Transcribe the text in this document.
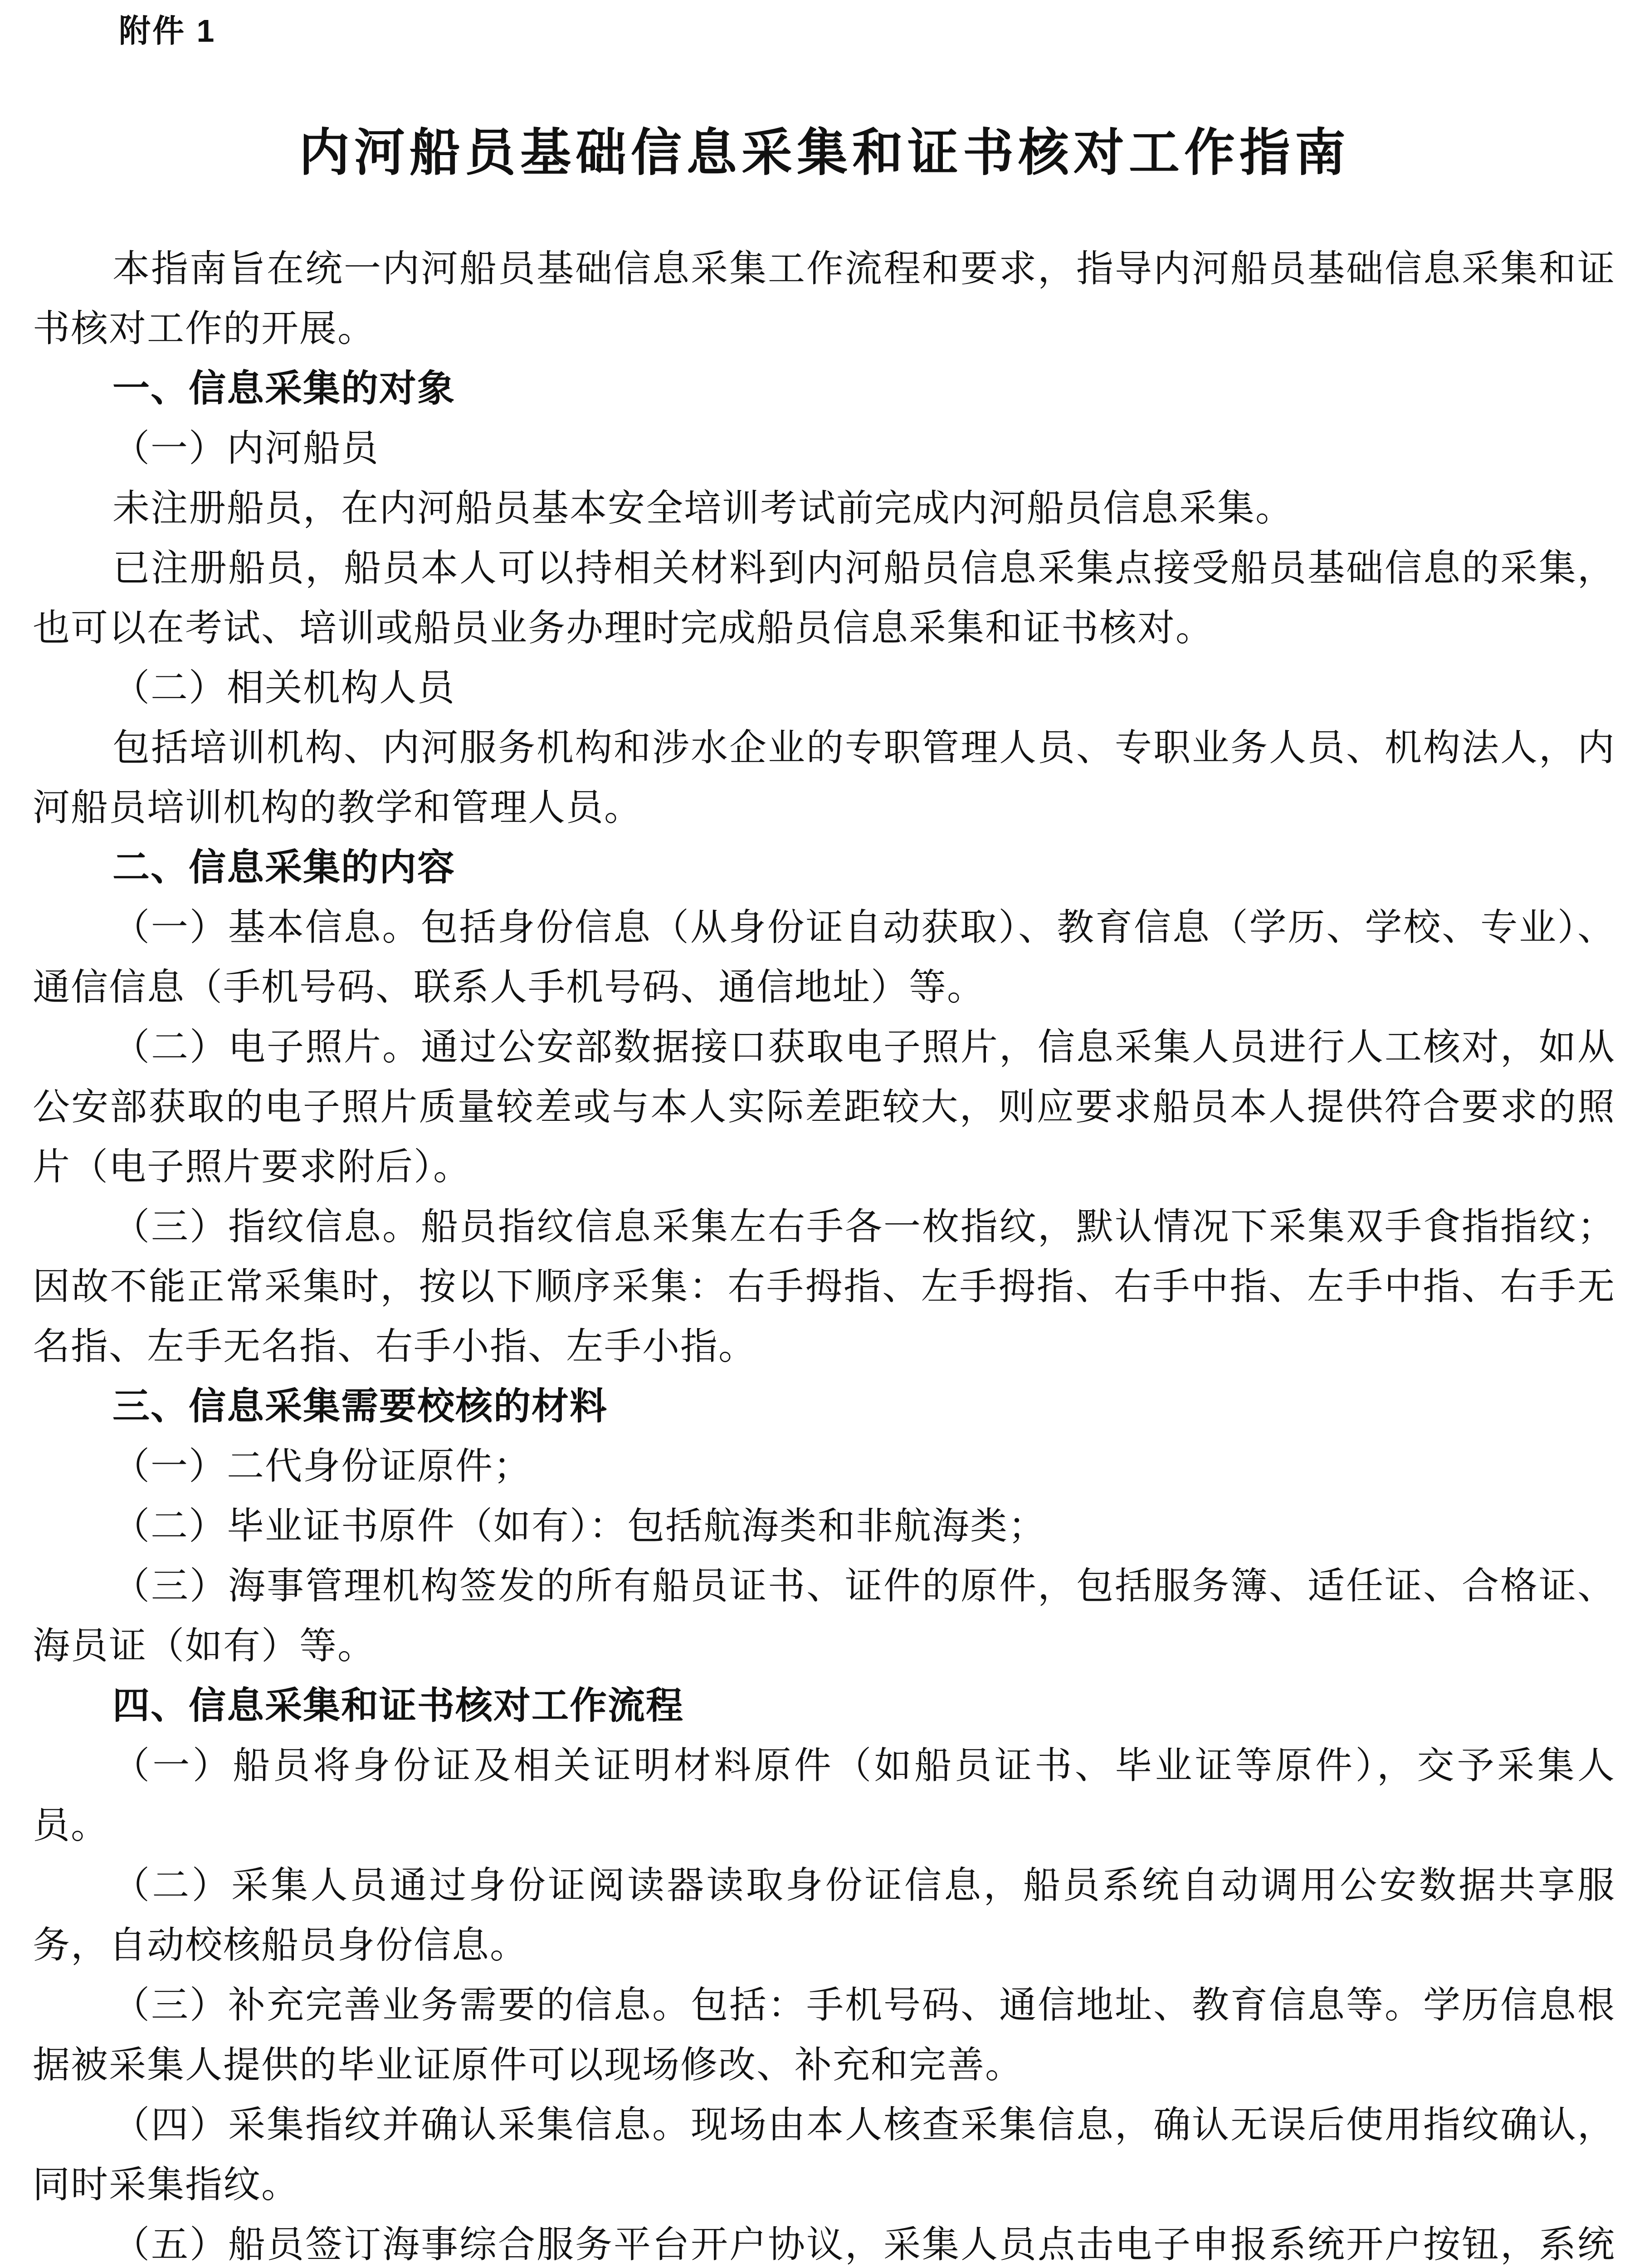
附件 1
内河船员基础信息采集和证书核对工作指南

本指南旨在统一内河船员基础信息采集工作流程和要求，指导内河船员基础信息采集和证书核对工作的开展。

一、信息采集的对象

（一）内河船员

未注册船员，在内河船员基本安全培训考试前完成内河船员信息采集。

已注册船员，船员本人可以持相关材料到内河船员信息采集点接受船员基础信息的采集，也可以在考试、培训或船员业务办理时完成船员信息采集和证书核对。

（二）相关机构人员

包括培训机构、内河服务机构和涉水企业的专职管理人员、专职业务人员、机构法人，内河船员培训机构的教学和管理人员。

二、信息采集的内容

（一）基本信息。包括身份信息（从身份证自动获取）、教育信息（学历、学校、专业）、通信信息（手机号码、联系人手机号码、通信地址）等。

（二）电子照片。通过公安部数据接口获取电子照片，信息采集人员进行人工核对，如从公安部获取的电子照片质量较差或与本人实际差距较大，则应要求船员本人提供符合要求的照片（电子照片要求附后）。

（三）指纹信息。船员指纹信息采集左右手各一枚指纹，默认情况下采集双手食指指纹；因故不能正常采集时，按以下顺序采集：右手拇指、左手拇指、右手中指、左手中指、右手无名指、左手无名指、右手小指、左手小指。

三、信息采集需要校核的材料

（一）二代身份证原件；

（二）毕业证书原件（如有）：包括航海类和非航海类；

（三）海事管理机构签发的所有船员证书、证件的原件，包括服务簿、适任证、合格证、海员证（如有）等。

四、信息采集和证书核对工作流程

（一）船员将身份证及相关证明材料原件（如船员证书、毕业证等原件），交予采集人员。

（二）采集人员通过身份证阅读器读取身份证信息，船员系统自动调用公安数据共享服务，自动校核船员身份信息。

（三）补充完善业务需要的信息。包括：手机号码、通信地址、教育信息等。学历信息根据被采集人提供的毕业证原件可以现场修改、补充和完善。

（四）采集指纹并确认采集信息。现场由本人核查采集信息，确认无误后使用指纹确认，同时采集指纹。

（五）船员签订海事综合服务平台开户协议，采集人员点击电子申报系统开户按钮，系统
